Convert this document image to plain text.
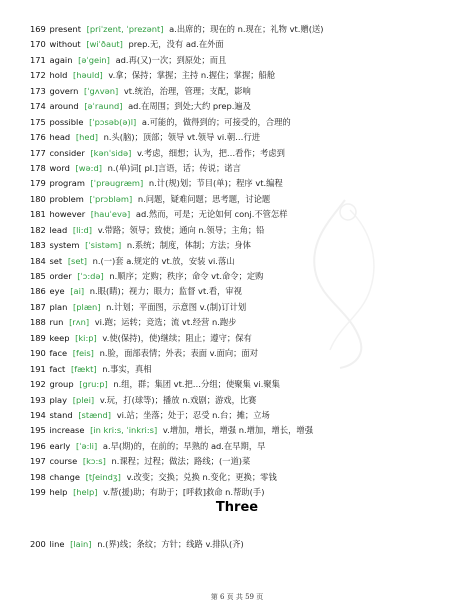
169 present [priˈzent, ˈprezənt] a.出席的；现在的 n.现在；礼物 vt.赠(送)
170 without [wiˈðaut] prep.无，没有 ad.在外面
171 again [əˈgein] ad.再(又)一次；到原处；而且
172 hold [həuld] v.拿；保持；掌握；主持 n.握住；掌握；船舱
173 govern [ˈgʌvən] vt.统治，治理，管理；支配，影响
174 around [əˈraund] ad.在周围；到处;大约 prep.遍及
175 possible [ˈpɔsəb(ə)l] a.可能的，做得到的；可接受的，合理的
176 head [hed] n.头(脑)；顶部；领导 vt.领导 vi.朝…行进
177 consider [kənˈsidə] v.考虑，细想；认为，把…看作；考虑到
178 word [wə:d] n.(单)词[ pl.]言语，话；传说；诺言
179 program [ˈprəugræm] n.计(规)划；节目(单)；程序 vt.编程
180 problem [ˈprɔbləm] n.问题，疑难问题；思考题，讨论题
181 however [hauˈevə] ad.然而，可是；无论如何 conj.不管怎样
182 lead [li:d] v.带路；领导；致使；通向 n.领导；主角；铅
183 system [ˈsistəm] n.系统；制度，体制；方法；身体
184 set [set] n.(一)套 a.规定的 vt.放，安装 vi.落山
185 order [ˈɔ:də] n.顺序；定购；秩序；命令 vt.命令；定购
186 eye [ai] n.眼(睛)；视力；眼力；监督 vt.看，审视
187 plan [plæn] n.计划；平面图，示意图 v.(制)订计划
188 run [rʌn] vi.跑；运转；竞选；流 vt.经营 n.跑步
189 keep [ki:p] v.使(保持)，使)继续；阻止；遵守；保有
190 face [feis] n.脸，面部表情；外表；表面 v.面向；面对
191 fact [fækt] n.事实，真相
192 group [gru:p] n.组，群；集团 vt.把…分组；使聚集 vi.聚集
193 play [plei] v.玩，打(球等)；播放 n.戏剧；游戏，比赛
194 stand [stænd] vi.站；坐落；处于；忍受 n.台；摊；立场
195 increase [in kri:s, ˈinkri:s] v.增加，增长，增强 n.增加，增长，增强
196 early [ˈə:li] a.早(期)的，在前的；早熟的 ad.在早期，早
197 course [kɔ:s] n.课程；过程；做法；路线；(一道)菜
198 change [tʃeindʒ] v.改变；交换；兑换 n.变化；更换；零钱
199 help [help] v.帮(援)助；有助于；[呼救]救命 n.帮助(手)
Three
200 line [lain] n.(界)线；条纹；方针；线路 v.排队(齐)
第 6 页 共 59 页
